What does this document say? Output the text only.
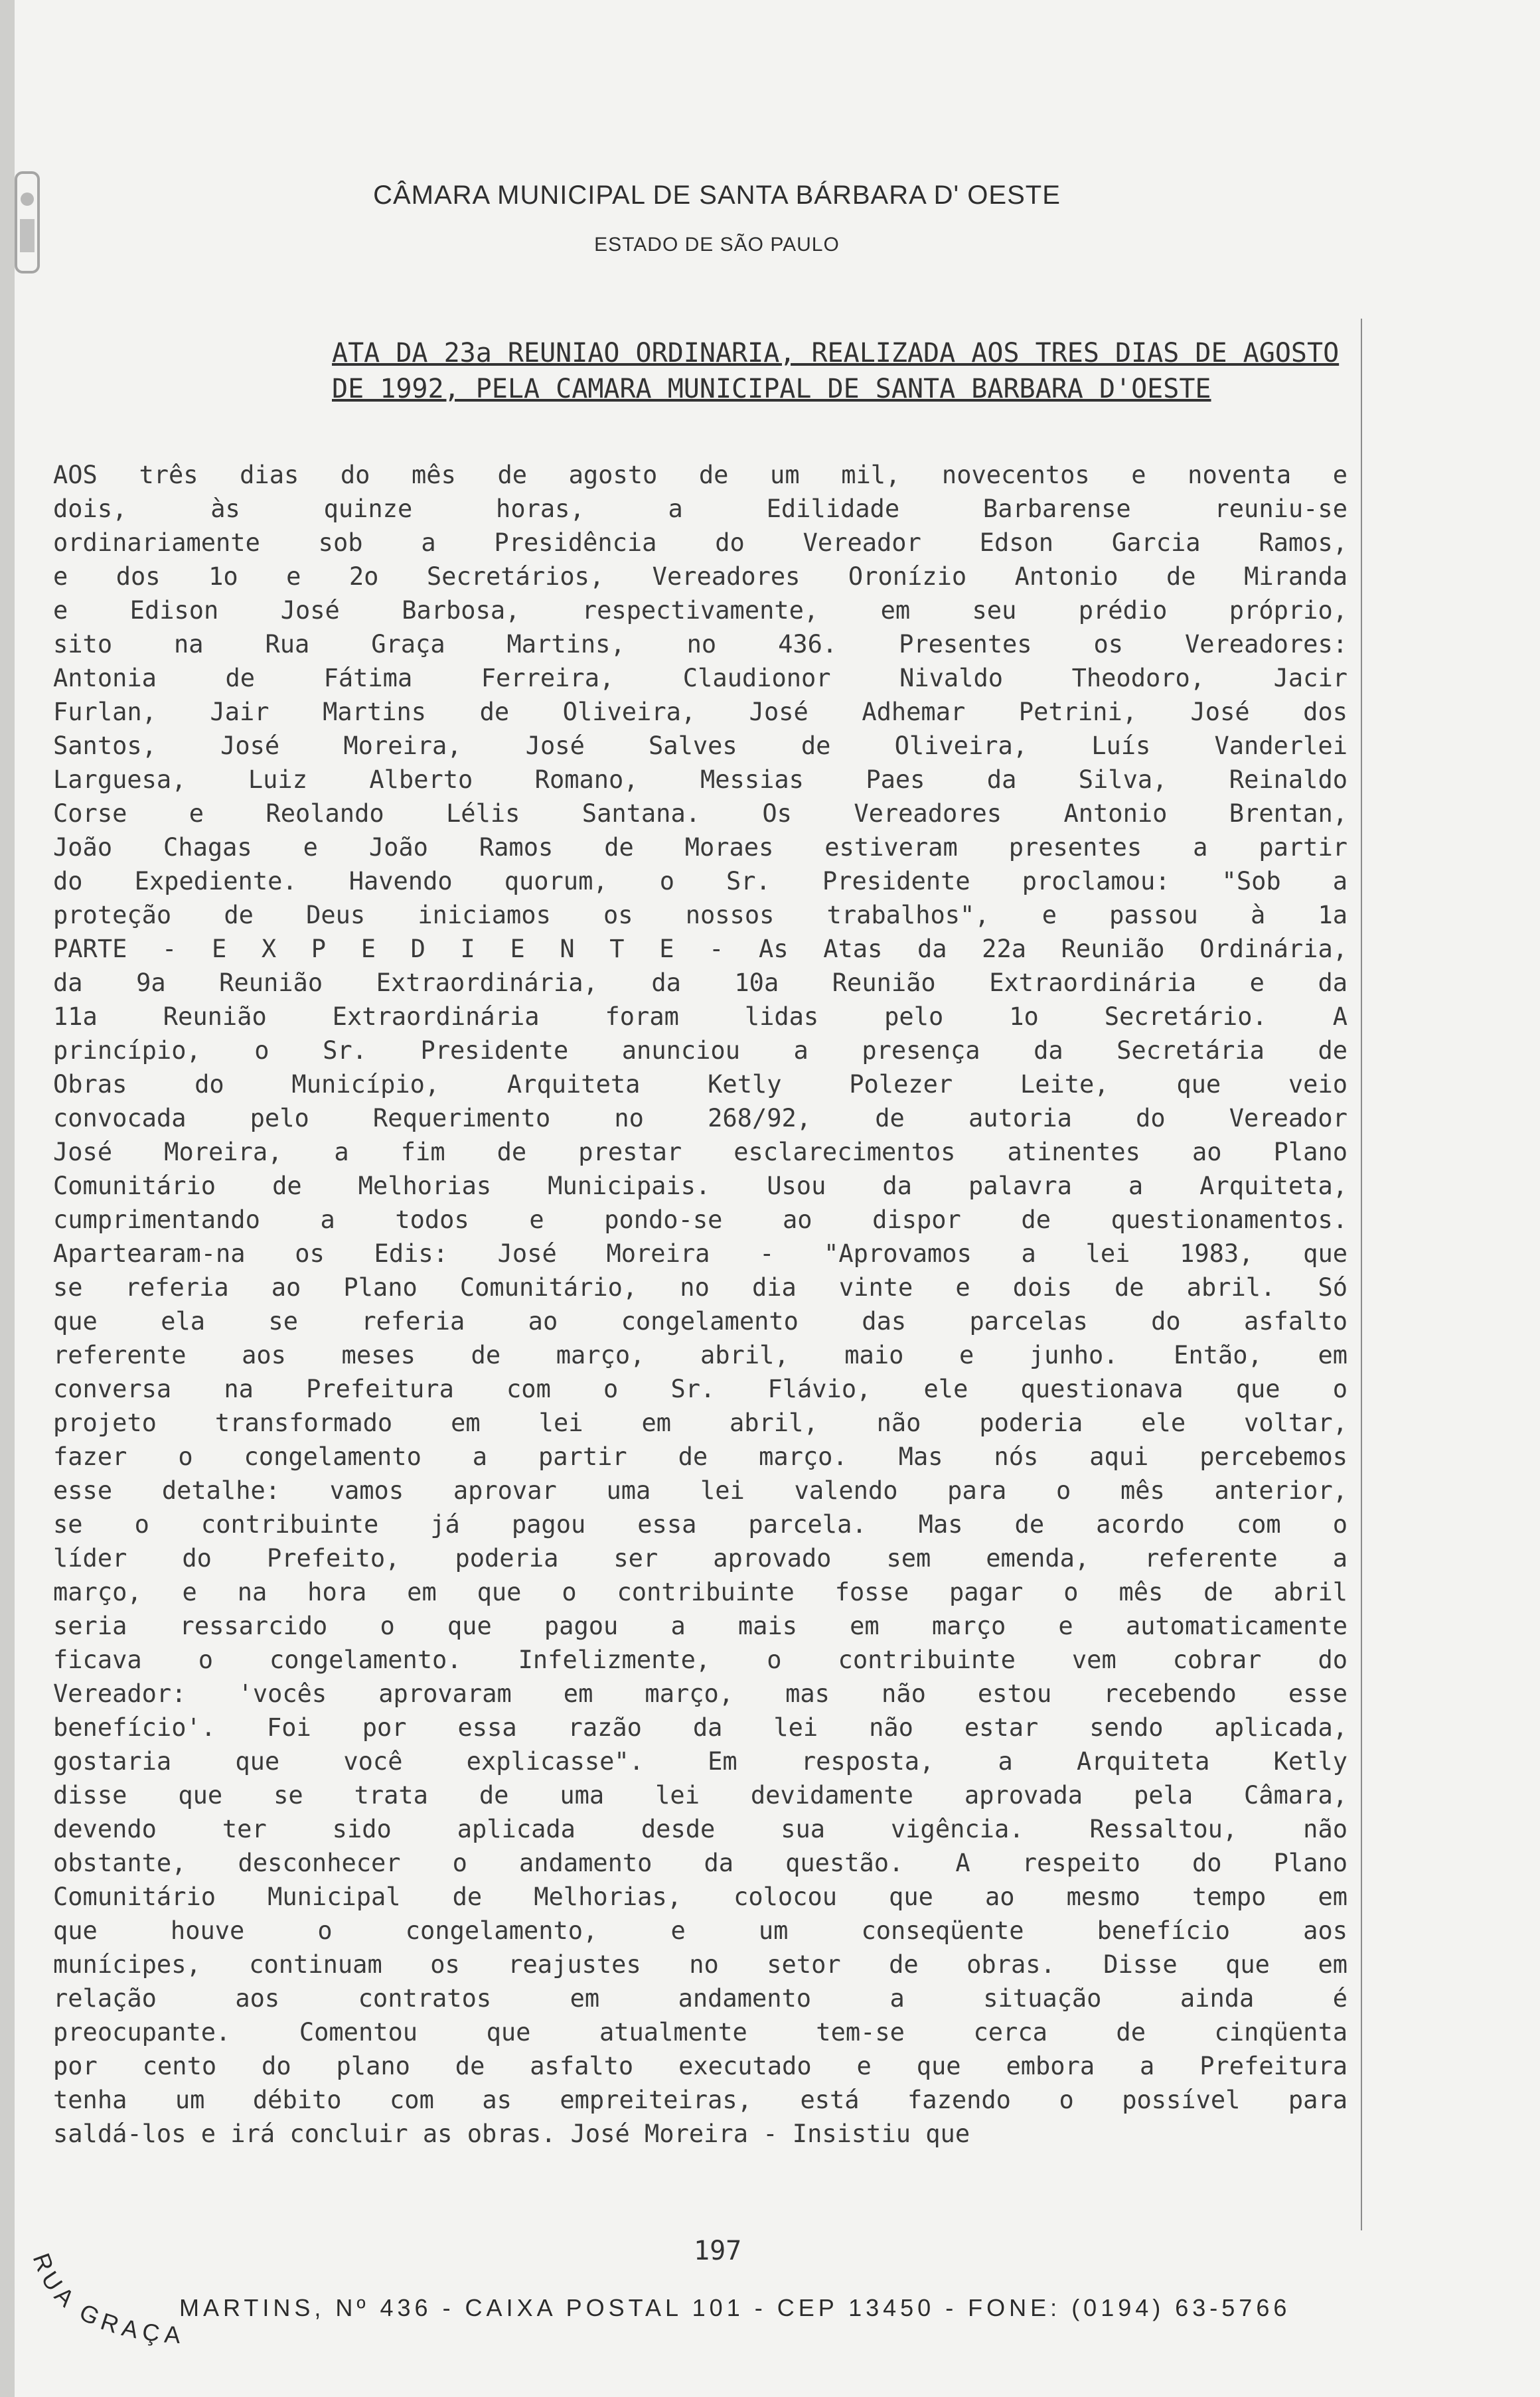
CÂMARA MUNICIPAL DE SANTA BÁRBARA D' OESTE
ESTADO DE SÃO PAULO
ATA DA 23a REUNIAO ORDINARIA, REALIZADA AOS TRES DIAS DE AGOSTO
DE 1992, PELA CAMARA MUNICIPAL DE SANTA BARBARA D'OESTE
AOS três dias do mês de agosto de um mil, novecentos e noventa e
dois, às quinze horas, a Edilidade Barbarense reuniu-se
ordinariamente sob a Presidência do Vereador Edson Garcia Ramos,
e dos 1o e 2o Secretários, Vereadores Oronízio Antonio de Miranda
e Edison José Barbosa, respectivamente, em seu prédio próprio,
sito na Rua Graça Martins, no 436. Presentes os Vereadores:
Antonia de Fátima Ferreira, Claudionor Nivaldo Theodoro, Jacir
Furlan, Jair Martins de Oliveira, José Adhemar Petrini, José dos
Santos, José Moreira, José Salves de Oliveira, Luís Vanderlei
Larguesa, Luiz Alberto Romano, Messias Paes da Silva, Reinaldo
Corse e Reolando Lélis Santana. Os Vereadores Antonio Brentan,
João Chagas e João Ramos de Moraes estiveram presentes a partir
do Expediente. Havendo quorum, o Sr. Presidente proclamou: "Sob a
proteção de Deus iniciamos os nossos trabalhos", e passou à 1a
PARTE - E X P E D I E N T E - As Atas da 22a Reunião Ordinária,
da 9a Reunião Extraordinária, da 10a Reunião Extraordinária e da
11a Reunião Extraordinária foram lidas pelo 1o Secretário. A
princípio, o Sr. Presidente anunciou a presença da Secretária de
Obras do Município, Arquiteta Ketly Polezer Leite, que veio
convocada pelo Requerimento no 268/92, de autoria do Vereador
José Moreira, a fim de prestar esclarecimentos atinentes ao Plano
Comunitário de Melhorias Municipais. Usou da palavra a Arquiteta,
cumprimentando a todos e pondo-se ao dispor de questionamentos.
Apartearam-na os Edis: José Moreira - "Aprovamos a lei 1983, que
se referia ao Plano Comunitário, no dia vinte e dois de abril. Só
que ela se referia ao congelamento das parcelas do asfalto
referente aos meses de março, abril, maio e junho. Então, em
conversa na Prefeitura com o Sr. Flávio, ele questionava que o
projeto transformado em lei em abril, não poderia ele voltar,
fazer o congelamento a partir de março. Mas nós aqui percebemos
esse detalhe: vamos aprovar uma lei valendo para o mês anterior,
se o contribuinte já pagou essa parcela. Mas de acordo com o
líder do Prefeito, poderia ser aprovado sem emenda, referente a
março, e na hora em que o contribuinte fosse pagar o mês de abril
seria ressarcido o que pagou a mais em março e automaticamente
ficava o congelamento. Infelizmente, o contribuinte vem cobrar do
Vereador: 'vocês aprovaram em março, mas não estou recebendo esse
benefício'. Foi por essa razão da lei não estar sendo aplicada,
gostaria que você explicasse". Em resposta, a Arquiteta Ketly
disse que se trata de uma lei devidamente aprovada pela Câmara,
devendo ter sido aplicada desde sua vigência. Ressaltou, não
obstante, desconhecer o andamento da questão. A respeito do Plano
Comunitário Municipal de Melhorias, colocou que ao mesmo tempo em
que houve o congelamento, e um conseqüente benefício aos
munícipes, continuam os reajustes no setor de obras. Disse que em
relação aos contratos em andamento a situação ainda é
preocupante. Comentou que atualmente tem-se cerca de cinqüenta
por cento do plano de asfalto executado e que embora a Prefeitura
tenha um débito com as empreiteiras, está fazendo o possível para
saldá-los e irá concluir as obras. José Moreira - Insistiu que
197
RUA GRAÇA
MARTINS, Nº 436 - CAIXA POSTAL 101 - CEP 13450 - FONE: (0194) 63-5766
